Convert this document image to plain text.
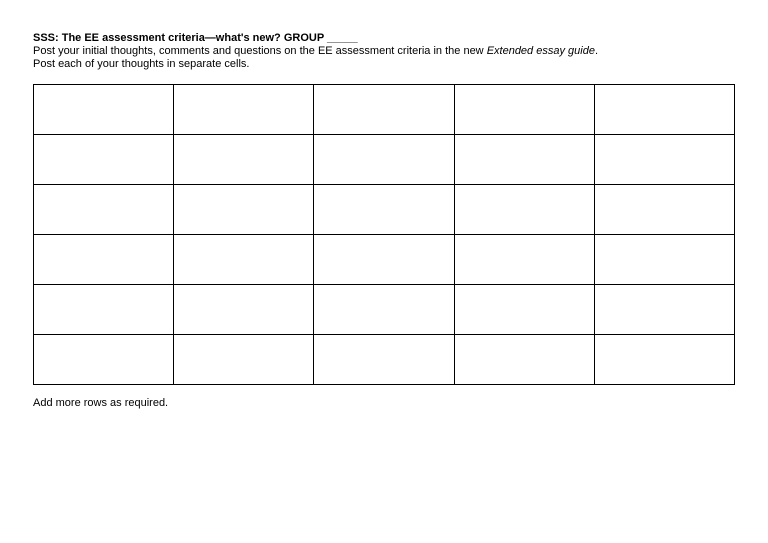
SSS: The EE assessment criteria—what's new? GROUP _____
Post your initial thoughts, comments and questions on the EE assessment criteria in the new Extended essay guide.
Post each of your thoughts in separate cells.

Add more rows as required.
